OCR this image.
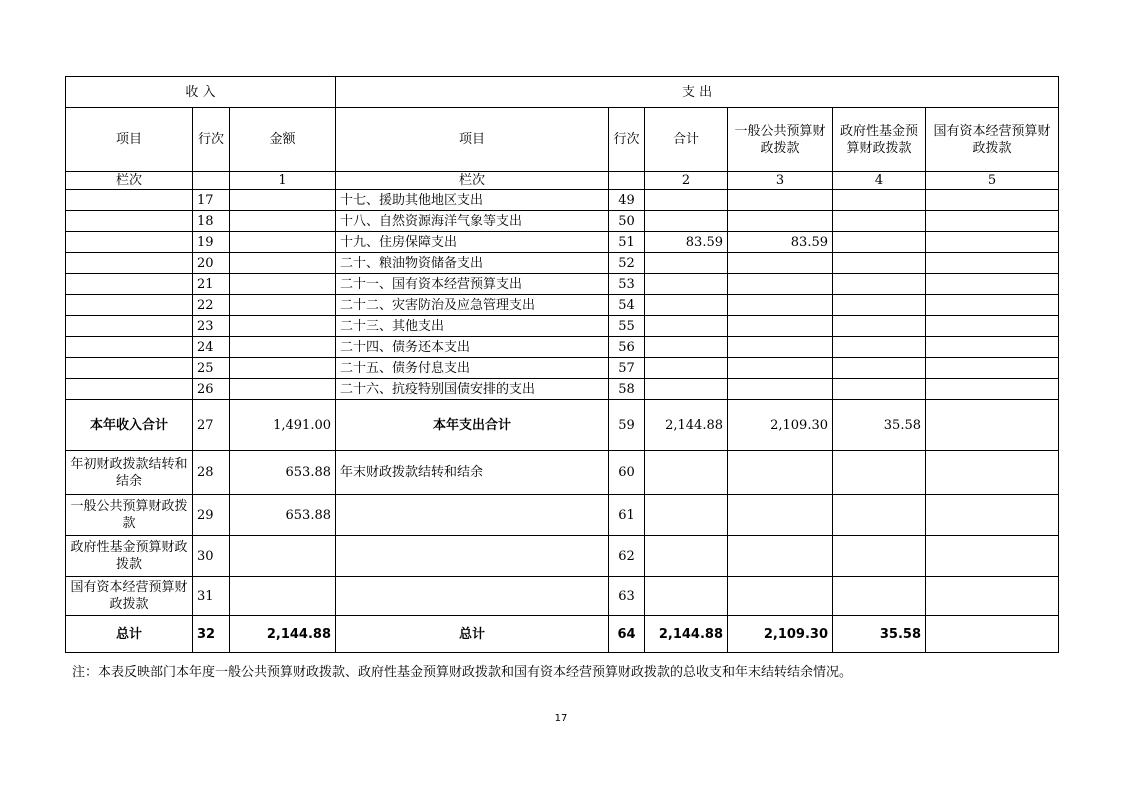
收 入			支 出					
项目	行次	金额	项目	行次	合计	一般公共预算财政拨款	政府性基金预算财政拨款	国有资本经营预算财政拨款
栏次		1	栏次		2	3	4	5
	17		十七、援助其他地区支出	49				
	18		十八、自然资源海洋气象等支出	50				
	19		十九、住房保障支出	51	83.59	83.59		
	20		二十、粮油物资储备支出	52				
	21		二十一、国有资本经营预算支出	53				
	22		二十二、灾害防治及应急管理支出	54				
	23		二十三、其他支出	55				
	24		二十四、债务还本支出	56				
	25		二十五、债务付息支出	57				
	26		二十六、抗疫特别国债安排的支出	58				
本年收入合计	27	1,491.00	本年支出合计	59	2,144.88	2,109.30	35.58	
年初财政拨款结转和结余	28	653.88	年末财政拨款结转和结余	60				
一般公共预算财政拨款	29	653.88		61				
政府性基金预算财政拨款	30			62				
国有资本经营预算财政拨款	31			63				
总计	32	2,144.88	总计	64	2,144.88	2,109.30	35.58	
注：本表反映部门本年度一般公共预算财政拨款、政府性基金预算财政拨款和国有资本经营预算财政拨款的总收支和年末结转结余情况。
17
